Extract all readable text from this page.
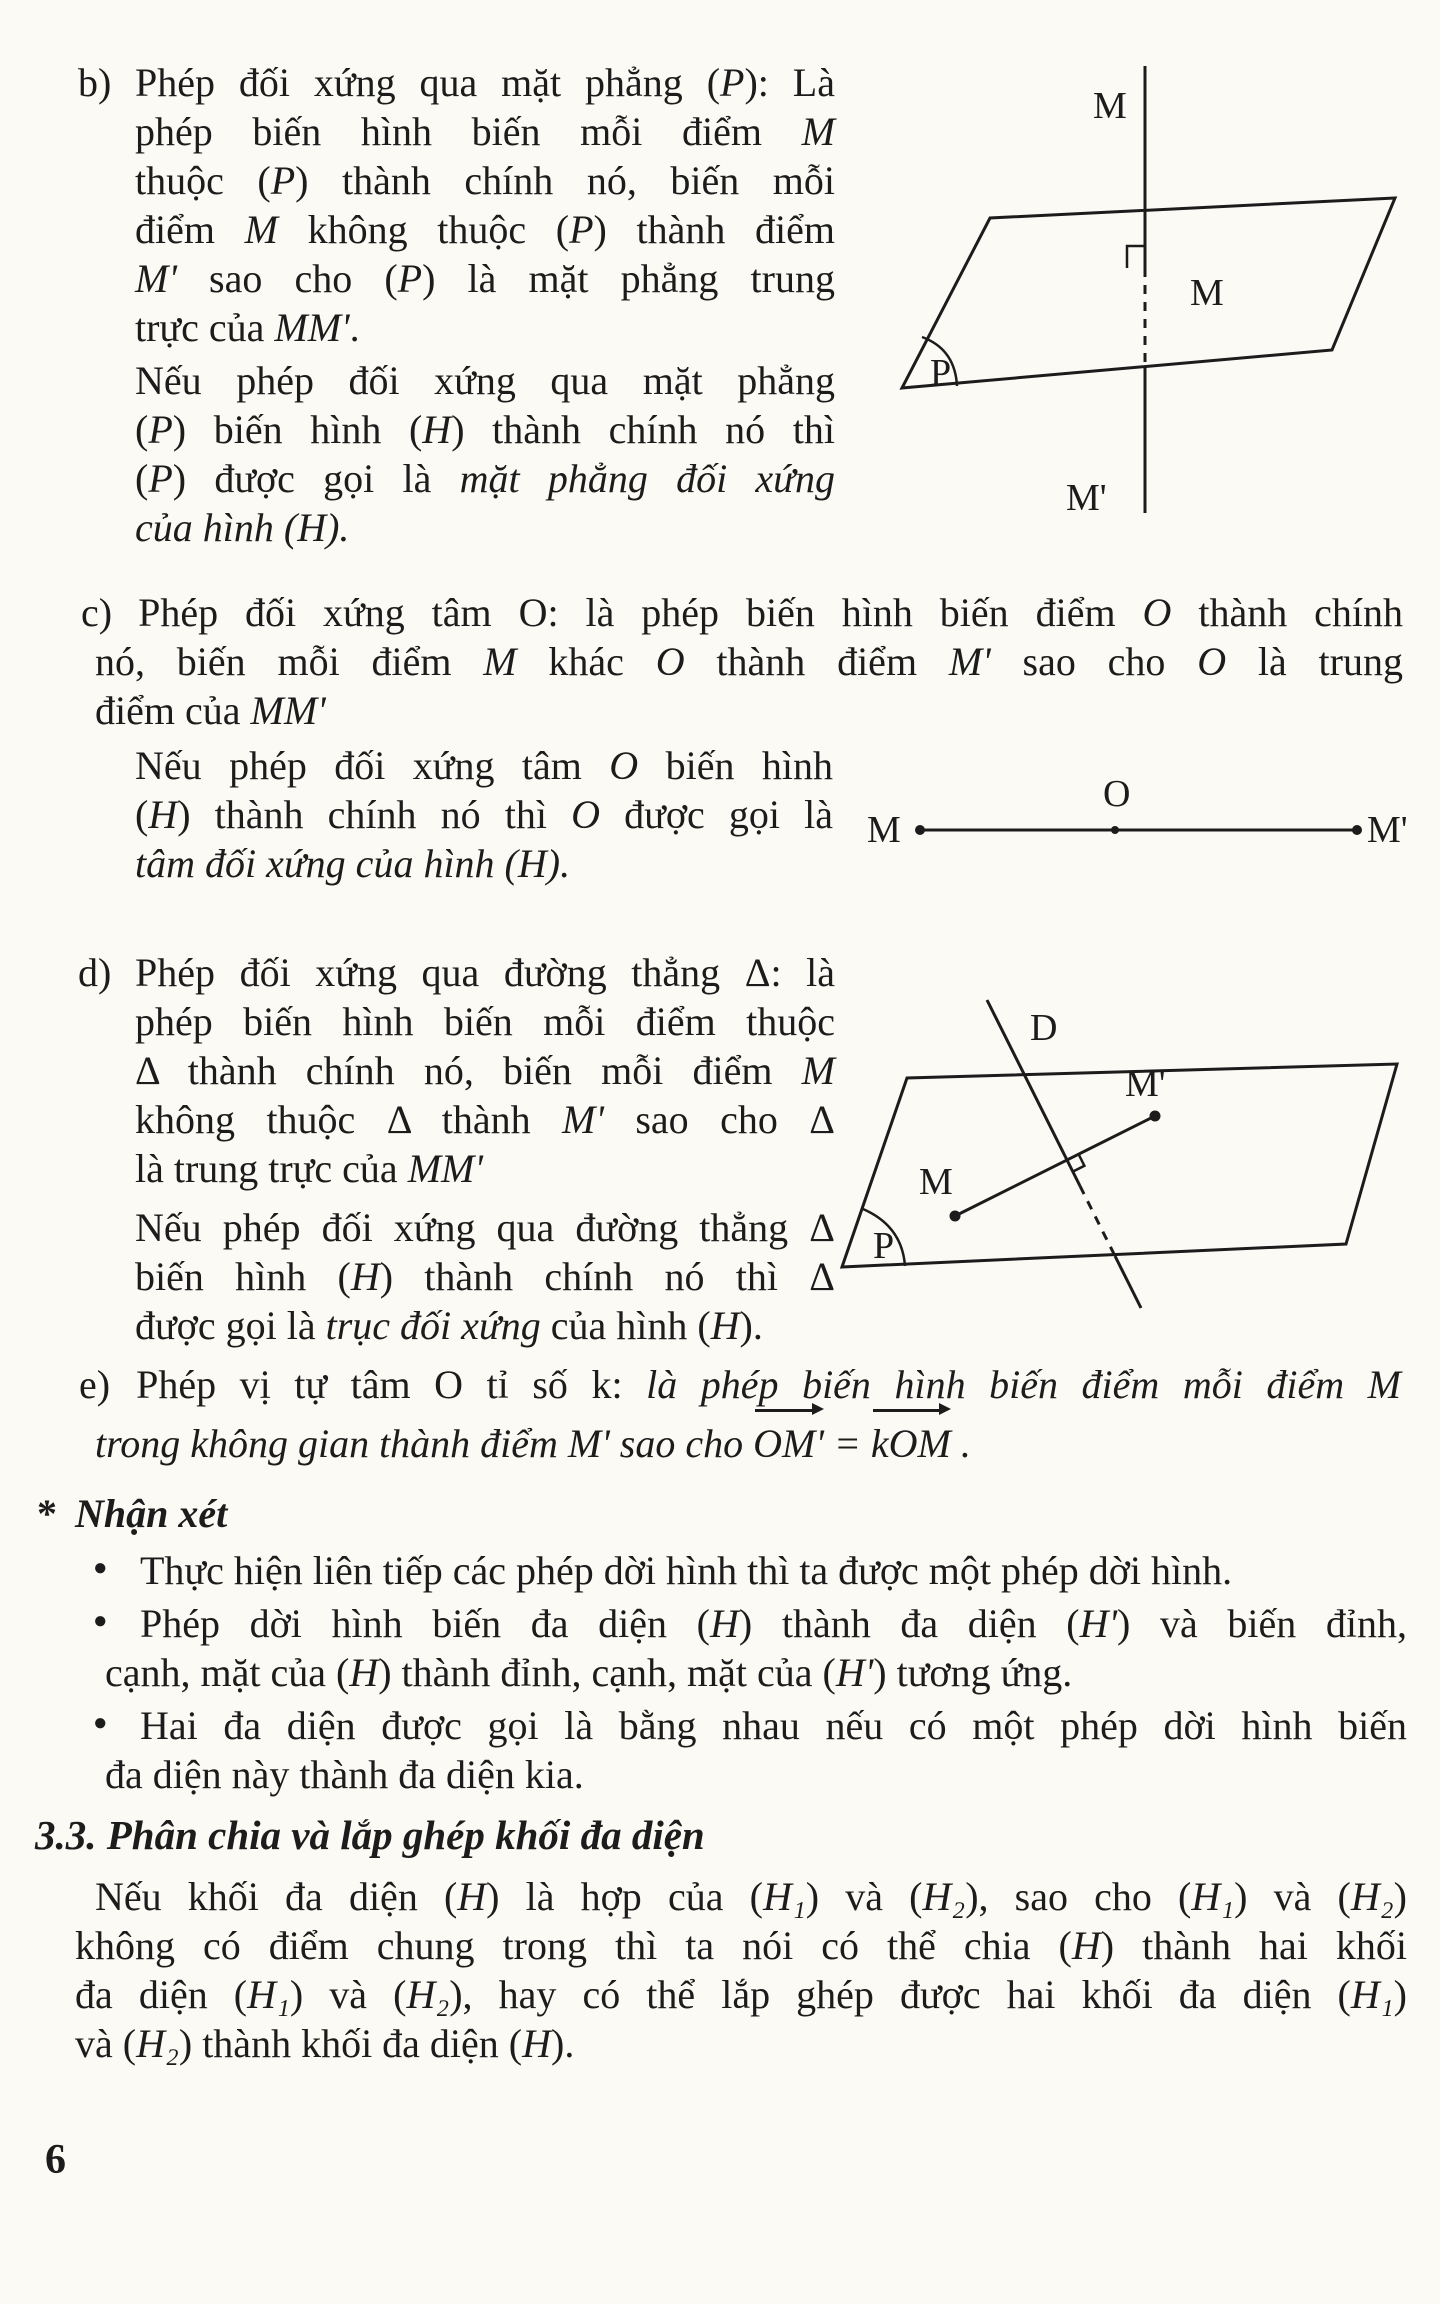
b) Phép đối xứng qua mặt phẳng (P): Là
phép biến hình biến mỗi điểm M
thuộc (P) thành chính nó, biến mỗi
điểm M không thuộc (P) thành điểm
M' sao cho (P) là mặt phẳng trung
trực của MM'.
Nếu phép đối xứng qua mặt phẳng
(P) biến hình (H) thành chính nó thì
(P) được gọi là mặt phẳng đối xứng
của hình (H).
M
M
M'
P
c) Phép đối xứng tâm O: là phép biến hình biến điểm O thành chính
nó, biến mỗi điểm M khác O thành điểm M' sao cho O là trung
điểm của MM'
Nếu phép đối xứng tâm O biến hình
(H) thành chính nó thì O được gọi là
tâm đối xứng của hình (H).
M
O
M'
d) Phép đối xứng qua đường thẳng Δ: là
phép biến hình biến mỗi điểm thuộc
Δ thành chính nó, biến mỗi điểm M
không thuộc Δ thành M' sao cho Δ
là trung trực của MM'
Nếu phép đối xứng qua đường thẳng Δ
biến hình (H) thành chính nó thì Δ
được gọi là trục đối xứng của hình (H).
D
M
M'
P
e) Phép vị tự tâm O tỉ số k: là phép biến hình biến điểm mỗi điểm M
trong không gian thành điểm M' sao cho OM' = kOM .
* Nhận xét
● Thực hiện liên tiếp các phép dời hình thì ta được một phép dời hình.
● Phép dời hình biến đa diện (H) thành đa diện (H') và biến đỉnh,
cạnh, mặt của (H) thành đỉnh, cạnh, mặt của (H') tương ứng.
● Hai đa diện được gọi là bằng nhau nếu có một phép dời hình biến
đa diện này thành đa diện kia.
3.3. Phân chia và lắp ghép khối đa diện
Nếu khối đa diện (H) là hợp của (H₁) và (H₂), sao cho (H₁) và (H₂)
không có điểm chung trong thì ta nói có thể chia (H) thành hai khối
đa diện (H₁) và (H₂), hay có thể lắp ghép được hai khối đa diện (H₁)
và (H₂) thành khối đa diện (H).
6
